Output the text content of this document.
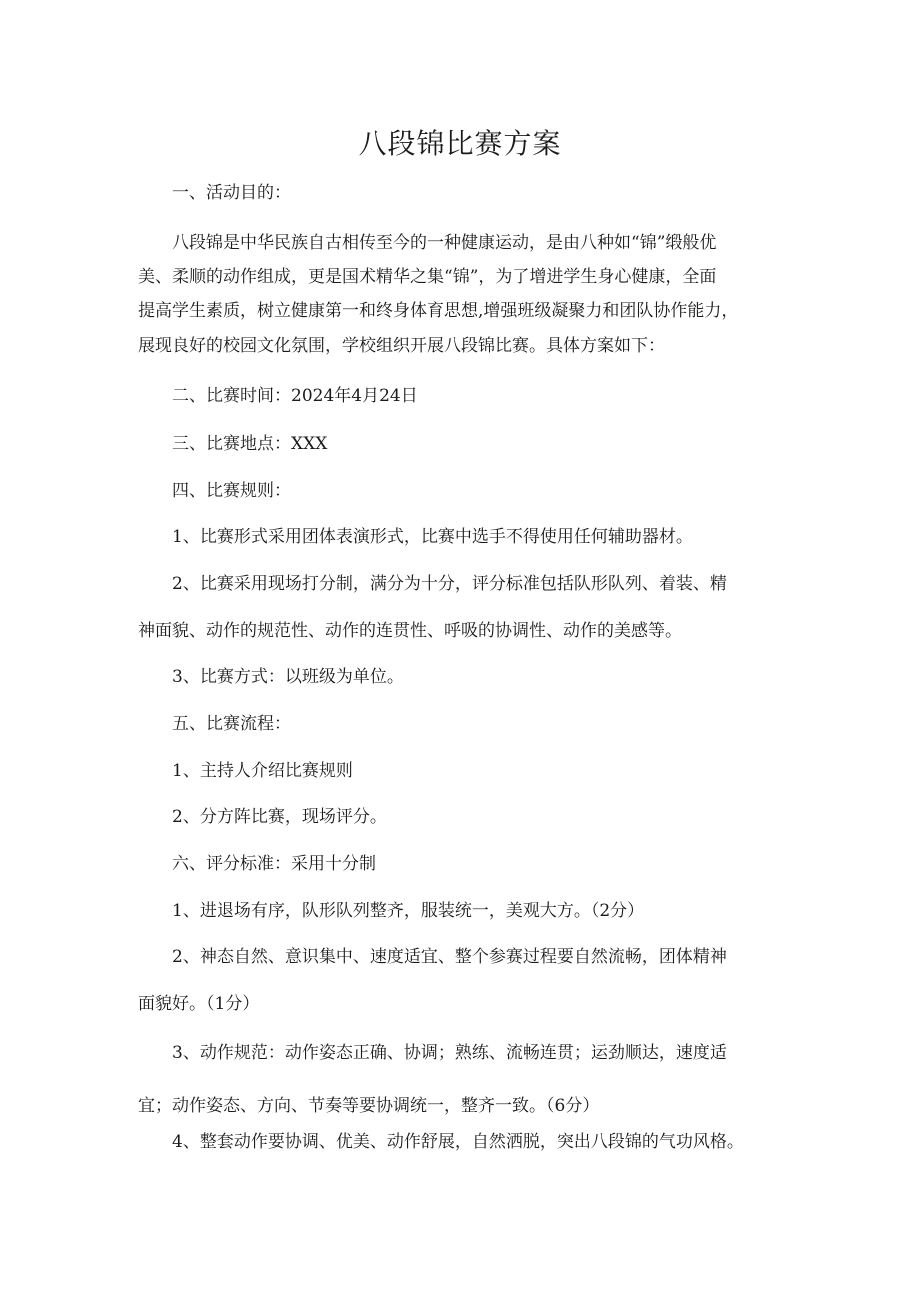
八段锦比赛方案
一、活动目的：
八段锦是中华民族自古相传至今的一种健康运动，是由八种如“锦”缎般优
美、柔顺的动作组成，更是国术精华之集“锦”，为了增进学生身心健康，全面
提高学生素质，树立健康第一和终身体育思想,增强班级凝聚力和团队协作能力，
展现良好的校园文化氛围，学校组织开展八段锦比赛。具体方案如下：
二、比赛时间：2024年4月24日
三、比赛地点：XXX
四、比赛规则：
1、比赛形式采用团体表演形式，比赛中选手不得使用任何辅助器材。
2、比赛采用现场打分制，满分为十分，评分标准包括队形队列、着装、精
神面貌、动作的规范性、动作的连贯性、呼吸的协调性、动作的美感等。
3、比赛方式：以班级为单位。
五、比赛流程：
1、主持人介绍比赛规则
2、分方阵比赛，现场评分。
六、评分标准：采用十分制
1、进退场有序，队形队列整齐，服装统一，美观大方。（2分）
2、神态自然、意识集中、速度适宜、整个参赛过程要自然流畅，团体精神
面貌好。（1分）
3、动作规范：动作姿态正确、协调；熟练、流畅连贯；运劲顺达，速度适
宜；动作姿态、方向、节奏等要协调统一，整齐一致。（6分）
4、整套动作要协调、优美、动作舒展，自然洒脱，突出八段锦的气功风格。
